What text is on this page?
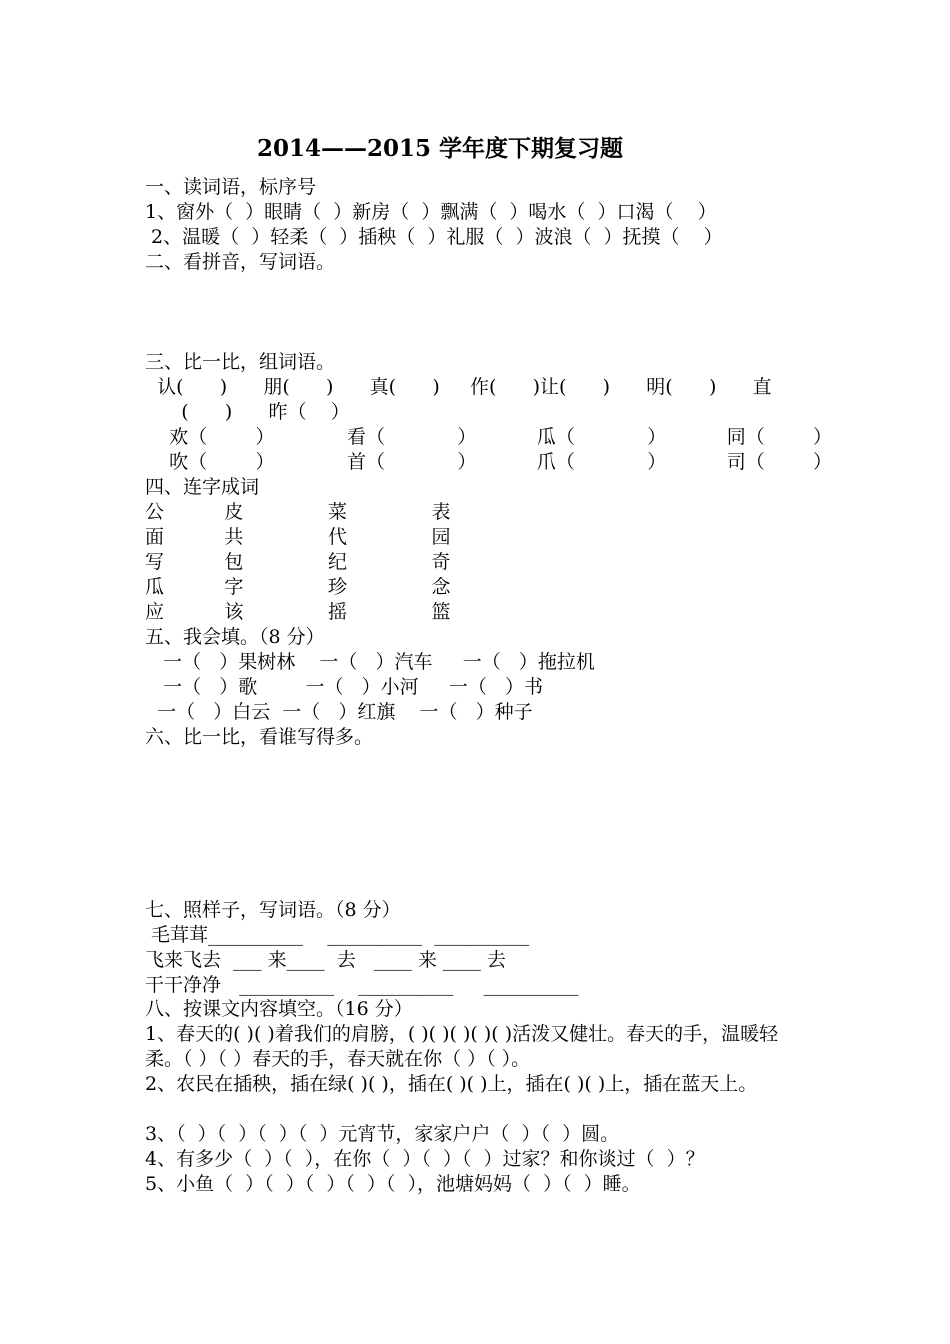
2014——2015 学年度下期复习题
一、读词语，标序号
1、窗外（  ）眼睛（  ）新房（  ）飘满（  ）喝水（  ）口渴（    ）
2、温暖（  ）轻柔（  ）插秧（  ）礼服（  ）波浪（  ）抚摸（    ）
二、看拼音，写词语。
三、比一比，组词语。
认(      )      朋(      )      真(      )     作(      )让(      )      明(      )      直
(      )      昨（    ）
欢（        ）            看（            ）          瓜（            ）          同（        ）
吹（        ）            首（            ）          爪（            ）          司（        ）
四、连字成词
公          皮              菜              表
面          共              代              园
写          包              纪              奇
瓜          字              珍              念
应          该              摇              篮
五、我会填。（8 分）
一（   ）果树林    一（   ）汽车     一（   ）拖拉机
一（   ）歌        一（   ）小河     一（   ）书
一（   ）白云  一（   ）红旗    一（   ）种子
六、比一比，看谁写得多。
七、照样子，写词语。（8 分）
毛茸茸__________    __________  __________
飞来飞去  ___ 来____  去   ____ 来 ____ 去
干干净净   __________    __________     __________
八、按课文内容填空。（16 分）
1、春天的( )( )着我们的肩膀，( )( )( )( )( )活泼又健壮。春天的手，温暖轻柔。（ ）（ ）春天的手，春天就在你（ ）（ ）。
2、农民在插秧，插在绿( )( )，插在( )( )上，插在( )( )上，插在蓝天上。
3、（  ）（  ）（  ）（  ）元宵节，家家户户（  ）（  ）圆。
4、有多少（  ）（  ），在你（  ）（  ）（  ）过家？和你谈过（  ）？
5、小鱼（  ）（  ）（  ）（  ）（  ），池塘妈妈（  ）（  ）睡。
